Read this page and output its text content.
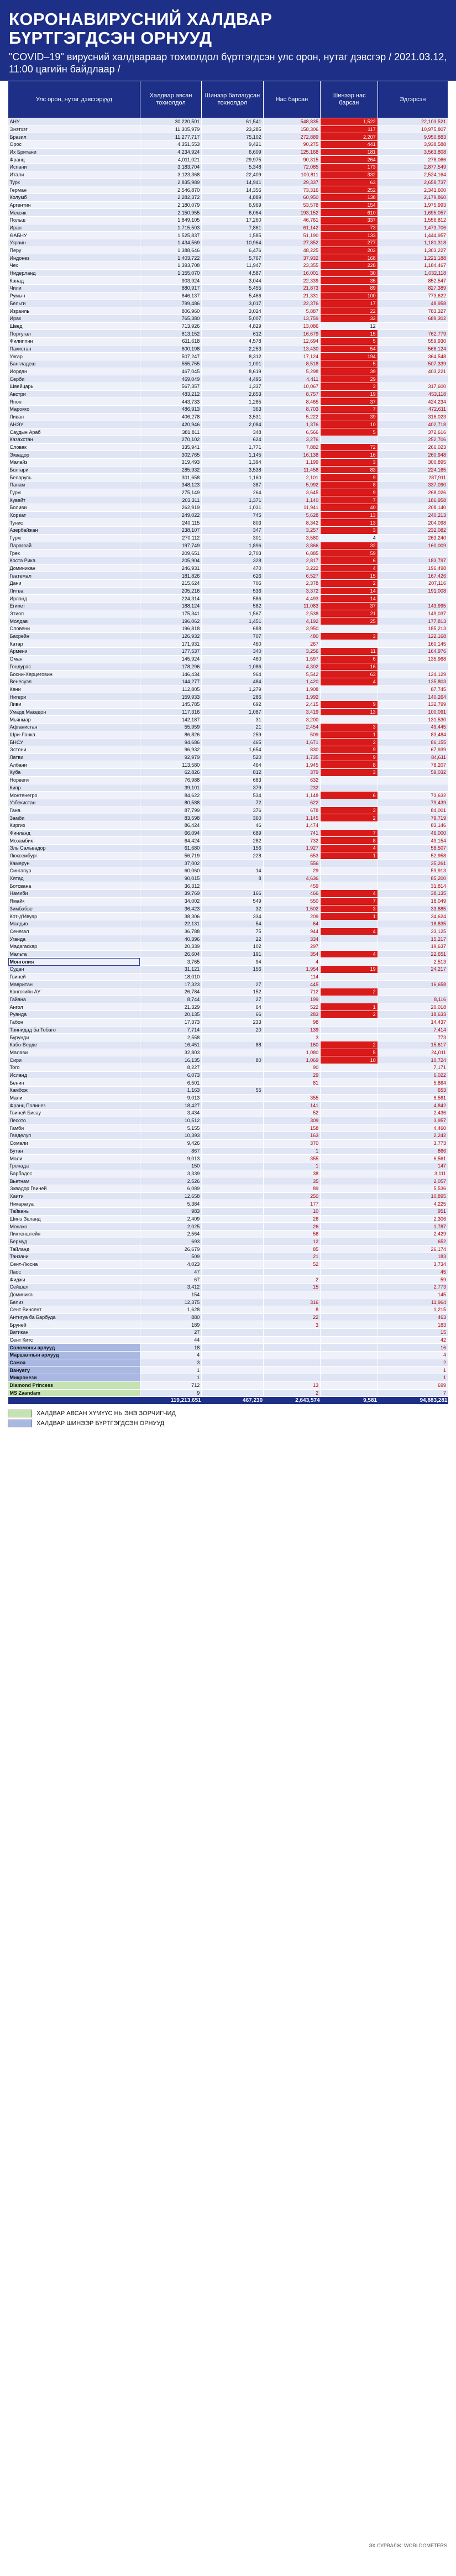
КОРОНАВИРУСНИЙ ХАЛДВАР
БҮРТГЭГДСЭН ОРНУУД
"COVID–19" вирусний халдвараар тохиолдол бүртгэгдсэн улс орон, нутаг дэвсгэр / 2021.03.12, 11:00 цагийн байдлаар /
Улс орон, нутаг дэвсгэрүүд	Халдвар авсан тохиолдол	Шинээр батлагдсан тохиолдол	Нас барсан	Шинээр нас барсан	Эдгэрсэн
АНУ	30,220,501	61,541	548,835	1,522	22,103,521
Энэтхэг	11,305,979	23,285	158,306	117	10,975,807
Бразил	11,277,717	75,102	272,889	2,207	9,950,883
Орос	4,351,553	9,421	90,275	441	3,938,588
Их Британи	4,234,924	6,609	125,168	181	3,563,808
Франц	4,011,021	29,975	90,315	264	278,066
Испани	3,183,704	5,348	72,085	173	2,877,549
Итали	3,123,368	22,409	100,811	332	2,524,164
Турк	2,835,989	14,941	29,337	63	2,658,737
Герман	2,546,870	14,356	73,316	252	2,341,600
Колумб	2,282,372	4,889	60,950	138	2,179,860
Аргентин	2,180,079	6,969	53,578	154	1,975,993
Мексик	2,150,955	6,064	193,152	610	1,695,057
Польш	1,849,105	17,260	46,761	337	1,556,812
Иран	1,715,503	7,861	61,142	73	1,473,706
ӨАБНУ	1,525,837	1,585	51,190	133	1,444,957
Украин	1,434,569	10,964	27,852	277	1,181,318
Перу	1,388,646	6,476	48,225	202	1,303,227
Индонез	1,403,722	5,767	37,932	168	1,221,188
Чех	1,393,708	11,947	23,355	228	1,184,467
Нидерланд	1,155,070	4,587	16,001	30	1,032,118
Канад	903,924	3,044	22,339	35	852,547
Чили	880,917	5,455	21,873	89	827,389
Румын	846,137	5,466	21,331	100	773,622
Бельги	799,486	3,017	22,376	17	48,958
Израиль	806,960	3,024	5,887	22	783,327
Ирак	765,380	5,007	13,759	32	689,302
Швед	713,926	4,829	13,086	12	
Португал	813,152	612	16,679	15	762,779
Филиппин	611,618	4,578	12,694	5	559,930
Пакистан	600,198	2,253	13,430	54	566,124
Унгар	507,247	8,312	17,124	194	364,548
Бангладеш	555,755	1,001	8,518	5	507,339
Иордан	467,045	8,619	5,298	39	403,221
Серби	469,049	4,495	4,411	29	
Швейцарь	567,357	1,337	10,067	3	317,600
Австри	483,212	2,853	8,757	19	453,118
Япон	443,733	1,285	8,465	37	424,234
Марокко	486,913	363	8,703	7	472,611
Ливан	406,278	3,531	5,222	39	316,023
АНЭУ	420,946	2,084	1,376	10	402,718
Саудын Араб	381,811	348	6,566	5	372,616
Казахстан	270,102	624	3,276		252,706
Словак	335,941	1,771	7,882	72	266,023
Эквадор	302,765	1,145	16,138	16	260,948
Малайз	319,493	1,394	1,199	3	300,895
Болгари	285,932	3,538	11,458	83	224,165
Беларусь	301,658	1,160	2,101	9	287,911
Панам	348,123	387	5,992	8	337,090
Гүрж	275,149	264	3,645	9	268,026
Кувейт	203,311	1,371	1,140	7	186,958
Боливи	262,919	1,031	11,941	40	208,140
Хорват	249,022	745	5,628	13	240,213
Тунис	240,115	803	8,342	13	204,098
Азербайжан	238,107	347	3,257	3	232,082
Гүрж	270,112	301	3,580	4	263,240
Парагвай	197,749	1,896	3,866	32	160,009
Грек	209,651	2,703	6,885	59	
Коста Рика	205,904	328	2,817	6	183,797
Доминикан	246,931	470	3,222	4	196,498
Гватемал	181,826	626	6,527	15	167,426
Дани	215,624	706	2,378	2	207,116
Литва	205,216	536	3,372	14	191,008
Ирланд	224,314	586	4,493	14	
Египет	188,124	582	11,083	37	143,995
Этиоп	175,341	1,567	2,538	21	149,037
Молдав	196,062	1,451	4,192	25	177,813
Словени	196,818	688	3,950		185,213
Бахрейн	126,932	707	480	3	122,168
Катар	171,931	460	267		160,145
Армени	177,537	340	3,256	11	164,976
Оман	145,924	460	1,597	6	135,968
Гондурас	178,296	1,086	4,302	16	
Босни-Херцеговин	146,434	964	5,542	63	124,129
Венесуэл	144,277	484	1,420	4	135,803
Кени	112,805	1,279	1,908		87,745
Нигери	159,933	286	1,992		140,264
Ливи	145,785	692	2,415	9	132,799
Умард Македон	117,316	1,087	3,419	13	100,091
Мьянмар	142,187	31	3,200		131,530
Афганистан	55,959	21	2,454	3	49,445
Шри-Ланка	86,826	259	509	1	83,484
БНСУ	94,686	465	1,671	2	86,155
Эстони	96,932	1,654	830	9	67,939
Латви	92,979	520	1,735	9	84,611
Албани	113,580	464	1,945	8	78,207
Куба	62,826	812	379	3	59,032
Норвеги	76,988	683	632		
Кипр	39,101	379	232		
Монтенегро	84,622	534	1,148	6	73,632
Узбекистан	80,588	72	622		79,439
Гана	87,799	376	678	3	84,001
Замби	83,598	360	1,145	2	79,719
Киргиз	86,424	46	1,474		83,146
Финланд	66,094	689	741	7	46,000
Мозамбик	64,424	282	732	8	49,154
Эль Сальвадор	61,680	156	1,927	4	58,507
Люксембург	56,719	228	653	1	52,958
Камерун	37,002		556		35,261
Сингапур	60,060	14	29		59,913
Хятад	90,015	8	4,636		85,200
Ботсвана	36,312		459		31,814
Намиби	39,769	166	466	4	38,135
Ямайк	34,002	549	550	7	18,049
Зимбабве	36,423	32	1,502	3	33,885
Кот-д'Ивуар	38,306	334	209	1	34,624
Малдив	22,131	54	64		18,835
Сенегал	36,788	75	944	4	33,125
Уганда	40,396	22	334		15,217
Мадагаскар	20,339	102	297		19,637
Мальта	26,604	191	354	4	22,651
Монголия	3,765	94	4		2,513
Судан	31,121	156	1,954	19	24,217
Гвиней	18,010		114		
Мавритан	17,323	27	445		16,658
Конгогийн АУ	26,784	152	712	2	
Гайана	8,744	27	199		8,116
Ангол	21,329	64	522	1	20,018
Руанда	20,135	66	283	2	18,633
Габон	17,373	233	98		14,437
Тринидад ба Тобаго	7,714	20	139		7,414
Бурунди	2,558		3		773
Кабо-Верде	16,451	88	160	2	15,617
Малави	32,803		1,080	5	24,011
Сири	16,135	80	1,069	10	10,724
Того	8,227		90		7,171
Исланд	6,073		29		6,022
Бенин	6,501		81		5,864
Камбож	1,163	55			653
Мали	9,013		355		6,561
Франц Полинез	18,427		141		4,842
Гвиней Бисау	3,434		52		2,436
Лесото	10,512		309		3,957
Гамби	5,155		158		4,460
Гваделуп	10,393		163		2,242
Сомали	9,426		370		3,773
Бутан	867		1		866
Мали	9,013		355		6,561
Гренада	150		1		147
Барбадос	3,339		38		3,111
Вьетнам	2,526		35		2,057
Эквадор Гвиней	6,089		89		5,536
Хаити	12,658		250		10,895
Никарагуа	5,384		177		4,225
Тайвань	983		10		951
Шинэ Зеланд	2,409		26		2,306
Монако	2,025		26		1,787
Лихтенштейн	2,564		56		2,429
Бермуд	693		12		652
Тайланд	26,679		85		26,174
Танзани	509		21		183
Сент-Люсиа	4,023		52		3,734
Лаос	47				45
Фиджи	67		2		59
Сейшел	3,412		15		2,773
Доминика	154				145
Белиз	12,375		316		11,964
Сент Винсент	1,628		8		1,215
Антигуа ба Барбуда	880		22		463
Бруней	189		3		183
Ватикан	27				15
Сент Китс	44				42
Соломоны арлууд	18				16
Маршаллын арлууд	4				4
Самоа	3				2
Вануату	1				1
Микронези	1				1
Diamond Princess	712		13		699
MS Zaandam	9		2		7
	119,213,651	467,230	2,643,574	9,581	94,883,281
ХАЛДВАР АВСАН ХҮМҮҮС НЬ ЭНЭ ЗОРЧИГЧИД
ХАЛДВАР ШИНЭЭР БҮРТГЭГДСЭН ОРНУУД
ЭХ СУРВАЛЖ: WORLDOMETERS
